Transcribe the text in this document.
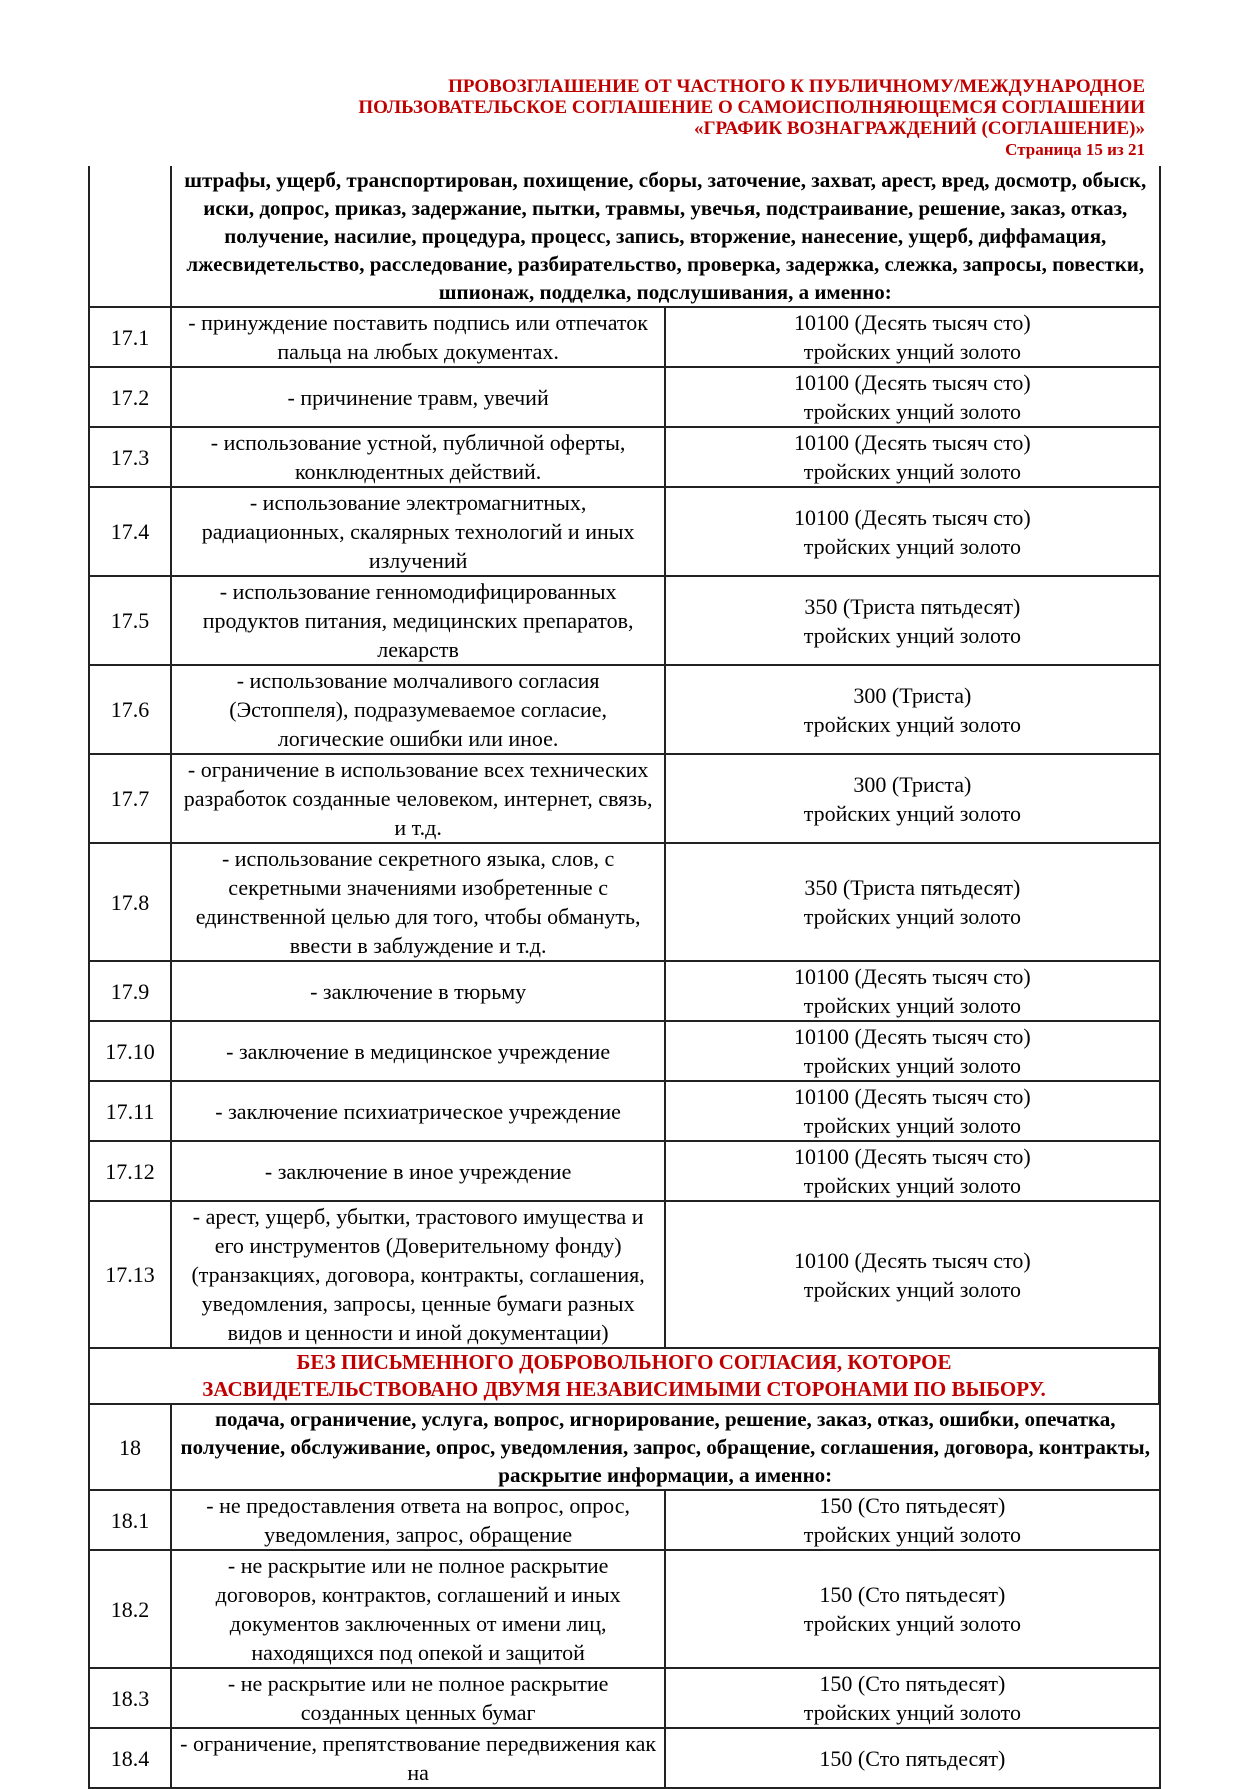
ПРОВОЗГЛАШЕНИЕ ОТ ЧАСТНОГО К ПУБЛИЧНОМУ/МЕЖДУНАРОДНОЕ
ПОЛЬЗОВАТЕЛЬСКОЕ СОГЛАШЕНИЕ О САМОИСПОЛНЯЮЩЕМСЯ СОГЛАШЕНИИ
«ГРАФИК ВОЗНАГРАЖДЕНИЙ (СОГЛАШЕНИЕ)»
Страница 15 из 21
	штрафы, ущерб, транспортирован, похищение, сборы, заточение, захват, арест, вред, досмотр, обыск, иски, допрос, приказ, задержание, пытки, травмы, увечья, подстраивание, решение, заказ, отказ, получение, насилие, процедура, процесс, запись, вторжение, нанесение, ущерб, диффамация, лжесвидетельство, расследование, разбирательство, проверка, задержка, слежка, запросы, повестки, шпионаж, подделка, подслушивания, а именно:	
17.1	- принуждение поставить подпись или отпечаток пальца на любых документах.	10100 (Десять тысяч сто)
тройских унций золото

17.2	- причинение травм, увечий	10100 (Десять тысяч сто)
тройских унций золото

17.3	- использование устной, публичной оферты, конклюдентных действий.	10100 (Десять тысяч сто)
тройских унций золото

17.4	- использование электромагнитных, радиационных, скалярных технологий и иных излучений	10100 (Десять тысяч сто)
тройских унций золото

17.5	- использование генномодифицированных продуктов питания, медицинских препаратов, лекарств	350 (Триста пятьдесят)
тройских унций золото

17.6	- использование молчаливого согласия (Эстоппеля), подразумеваемое согласие, логические ошибки или иное.	300 (Триста)
тройских унций золото

17.7	- ограничение в использование всех технических разработок созданные человеком, интернет, связь, и т.д.	300 (Триста)
тройских унций золото

17.8	- использование секретного языка, слов, с секретными значениями изобретенные с единственной целью для того, чтобы обмануть, ввести в заблуждение и т.д.	350 (Триста пятьдесят)
тройских унций золото

17.9	- заключение в тюрьму	10100 (Десять тысяч сто)
тройских унций золото

17.10	- заключение в медицинское учреждение	10100 (Десять тысяч сто)
тройских унций золото

17.11	- заключение психиатрическое учреждение	10100 (Десять тысяч сто)
тройских унций золото

17.12	- заключение в иное учреждение	10100 (Десять тысяч сто)
тройских унций золото

17.13	- арест, ущерб, убытки, трастового имущества и его инструментов (Доверительному фонду) (транзакциях, договора, контракты, соглашения, уведомления, запросы, ценные бумаги разных видов и ценности и иной документации)	10100 (Десять тысяч сто)
тройских унций золото

БЕЗ ПИСЬМЕННОГО ДОБРОВОЛЬНОГО СОГЛАСИЯ, КОТОРОЕ
ЗАСВИДЕТЕЛЬСТВОВАНО ДВУМЯ НЕЗАВИСИМЫМИ СТОРОНАМИ ПО ВЫБОРУ.		

18	подача, ограничение, услуга, вопрос, игнорирование, решение, заказ, отказ, ошибки, опечатка, получение, обслуживание, опрос, уведомления, запрос, обращение, соглашения, договора, контракты, раскрытие информации, а именно:	
18.1	- не предоставления ответа на вопрос, опрос, уведомления, запрос, обращение	150 (Сто пятьдесят)
тройских унций золото

18.2	- не раскрытие или не полное раскрытие договоров, контрактов, соглашений и иных документов заключенных от имени лиц, находящихся под опекой и защитой	150 (Сто пятьдесят)
тройских унций золото

18.3	- не раскрытие или не полное раскрытие созданных ценных бумаг	150 (Сто пятьдесят)
тройских унций золото

18.4	- ограничение, препятствование передвижения как на	150 (Сто пятьдесят)
